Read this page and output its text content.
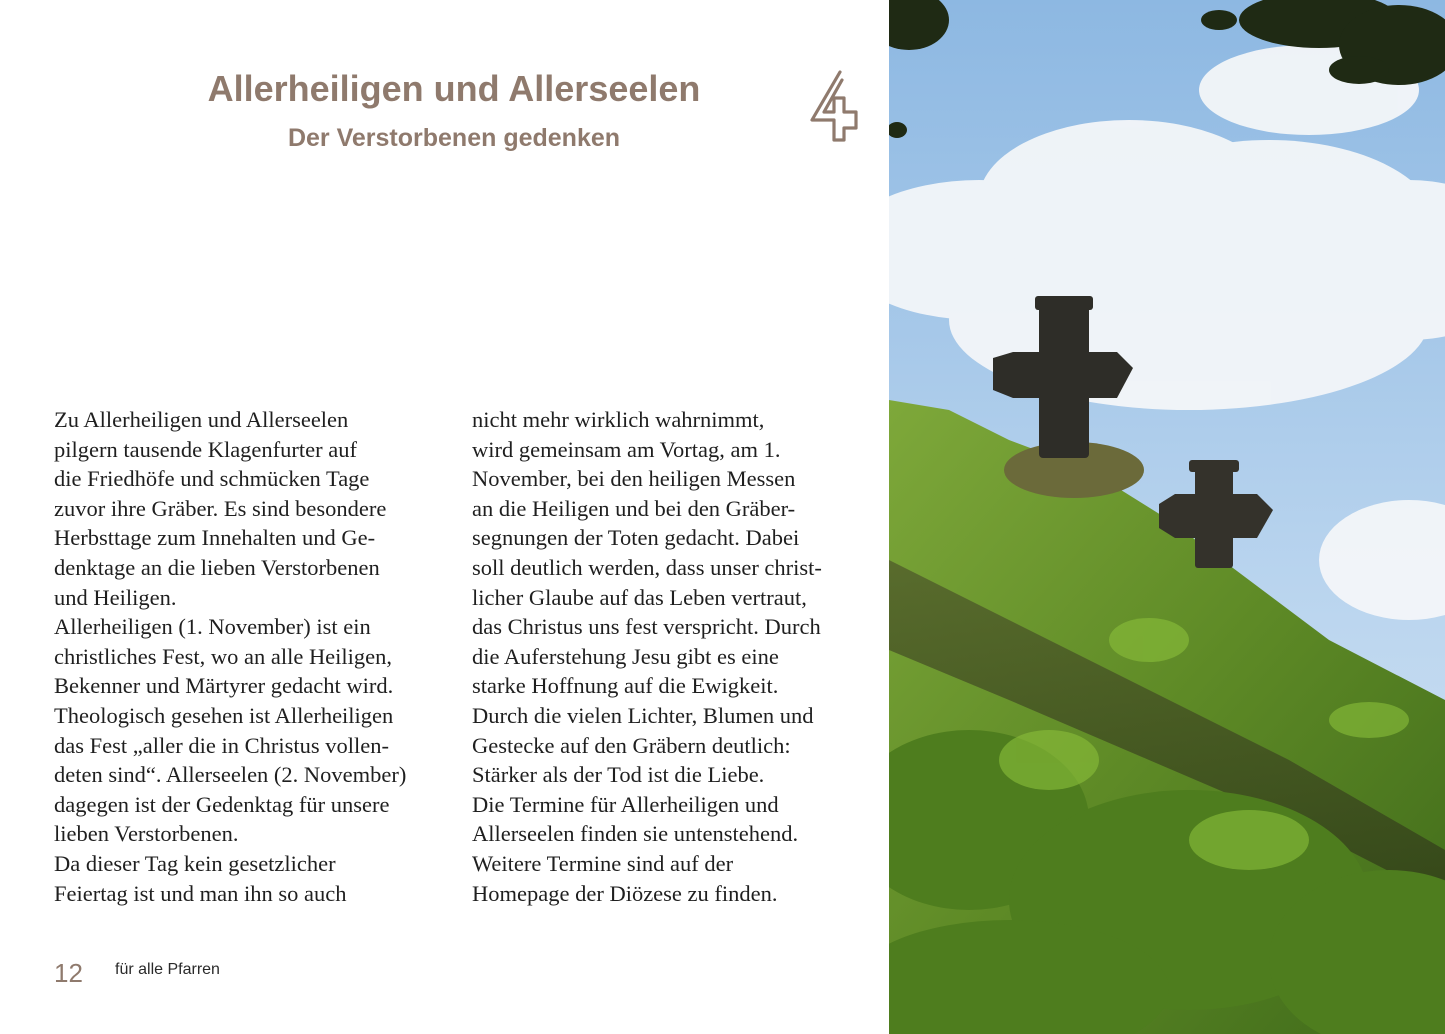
Allerheiligen und Allerseelen
Der Verstorbenen gedenken

Zu Allerheiligen und Allerseelen

pilgern tausende Klagenfurter auf

die Friedhöfe und schmücken Tage

zuvor ihre Gräber. Es sind besondere

Herbsttage zum Innehalten und Ge-

denktage an die lieben Verstorbenen

und Heiligen.

Allerheiligen (1. November) ist ein

christliches Fest, wo an alle Heiligen,

Bekenner und Märtyrer gedacht wird.

Theologisch gesehen ist Allerheiligen

das Fest „aller die in Christus vollen-

deten sind“. Allerseelen (2. November)

dagegen ist der Gedenktag für unsere

lieben Verstorbenen.

Da dieser Tag kein gesetzlicher

Feiertag ist und man ihn so auch

nicht mehr wirklich wahrnimmt,

wird gemeinsam am Vortag, am 1.

November, bei den heiligen Messen

an die Heiligen und bei den Gräber-

segnungen der Toten gedacht. Dabei

soll deutlich werden, dass unser christ-

licher Glaube auf das Leben vertraut,

das Christus uns fest verspricht. Durch

die Auferstehung Jesu gibt es eine

starke Hoffnung auf die Ewigkeit.

Durch die vielen Lichter, Blumen und

Gestecke auf den Gräbern deutlich:

Stärker als der Tod ist die Liebe.

Die Termine für Allerheiligen und

Allerseelen finden sie untenstehend.

Weitere Termine sind auf der

Homepage der Diözese zu finden.

12 für alle Pfarren
